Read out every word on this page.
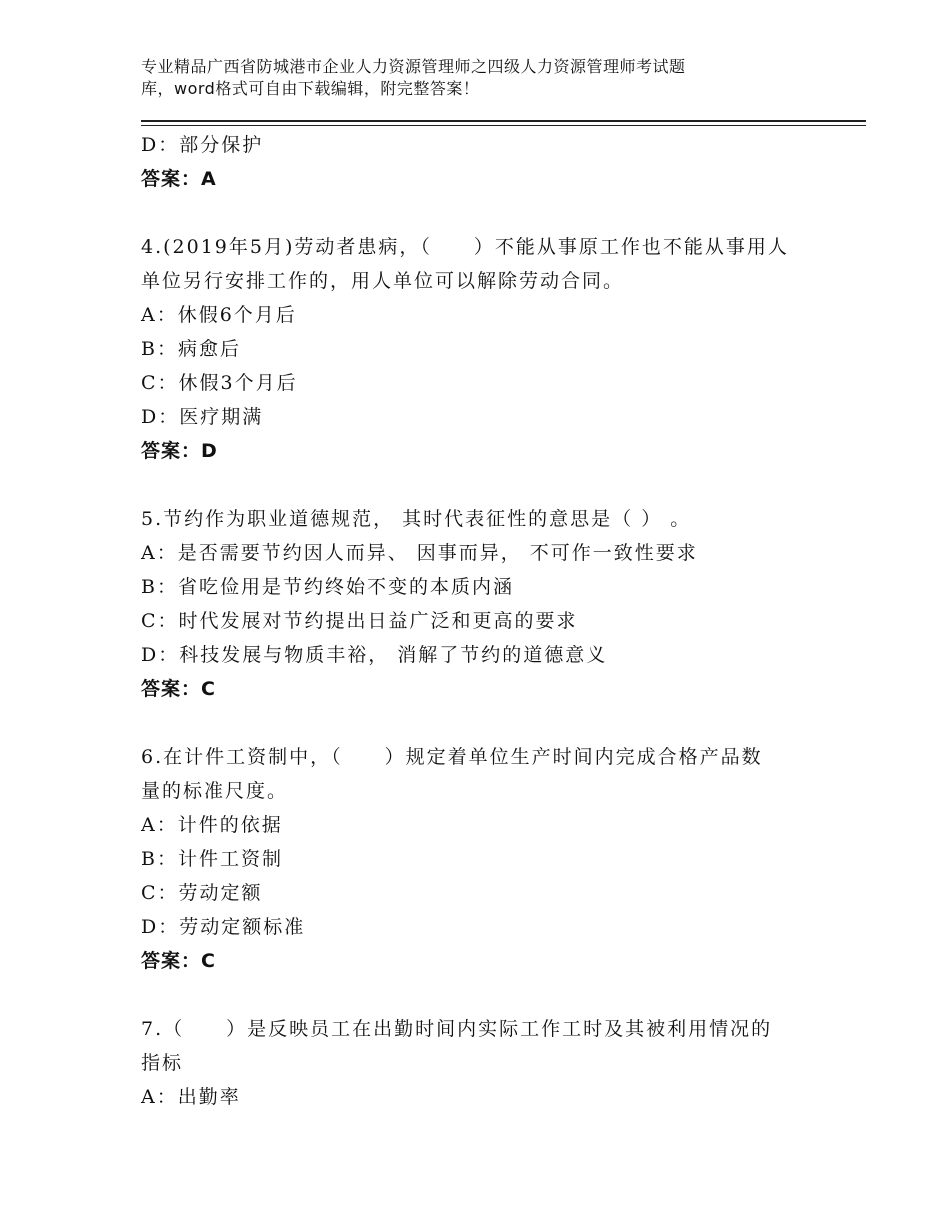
专业精品广西省防城港市企业人力资源管理师之四级人力资源管理师考试题
库，word格式可自由下载编辑，附完整答案！
D：部分保护
答案：A
4.(2019年5月)劳动者患病，（　　）不能从事原工作也不能从事用人
单位另行安排工作的，用人单位可以解除劳动合同。
A：休假6个月后
B：病愈后
C：休假3个月后
D：医疗期满
答案：D
5.节约作为职业道德规范， 其时代表征性的意思是（ ） 。
A：是否需要节约因人而异、 因事而异， 不可作一致性要求
B：省吃俭用是节约终始不变的本质内涵
C：时代发展对节约提出日益广泛和更高的要求
D：科技发展与物质丰裕， 消解了节约的道德意义
答案：C
6.在计件工资制中，（　　）规定着单位生产时间内完成合格产品数
量的标准尺度。
A：计件的依据
B：计件工资制
C：劳动定额
D：劳动定额标准
答案：C
7.（　　）是反映员工在出勤时间内实际工作工时及其被利用情况的
指标
A：出勤率
